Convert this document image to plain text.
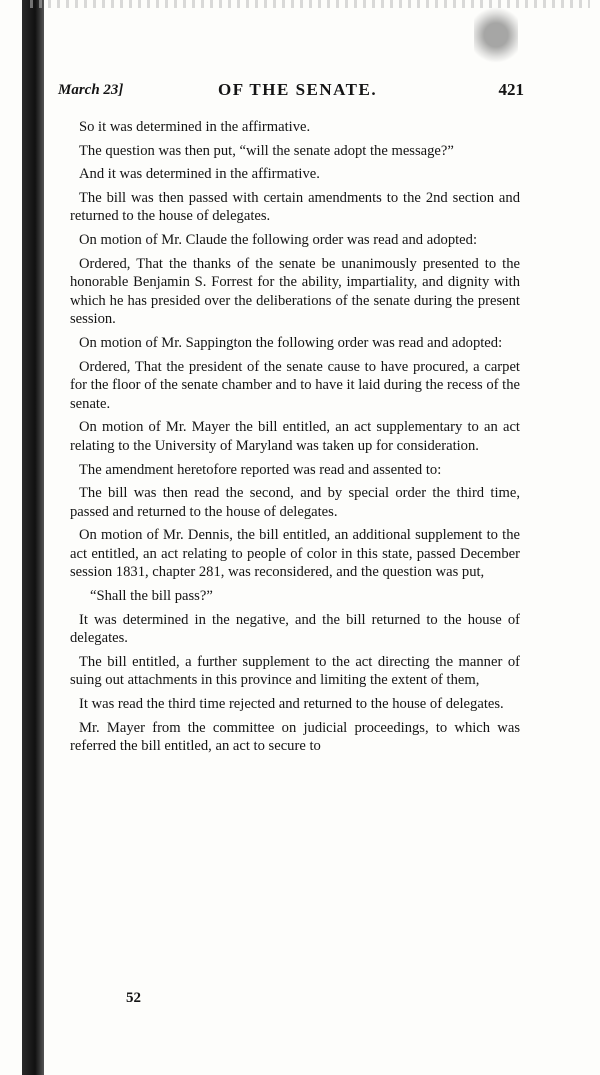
March 23]	OF THE SENATE.	421

So it was determined in the affirmative.

The question was then put, “will the senate adopt the message?”

And it was determined in the affirmative.

The bill was then passed with certain amendments to the 2nd section and returned to the house of delegates.

On motion of Mr. Claude the following order was read and adopted:

Ordered, That the thanks of the senate be unanimously presented to the honorable Benjamin S. Forrest for the ability, impartiality, and dignity with which he has presided over the deliberations of the senate during the present session.

On motion of Mr. Sappington the following order was read and adopted:

Ordered, That the president of the senate cause to have procured, a carpet for the floor of the senate chamber and to have it laid during the recess of the senate.

On motion of Mr. Mayer the bill entitled, an act supplementary to an act relating to the University of Maryland was taken up for consideration.

The amendment heretofore reported was read and assented to:

The bill was then read the second, and by special order the third time, passed and returned to the house of delegates.

On motion of Mr. Dennis, the bill entitled, an additional supplement to the act entitled, an act relating to people of color in this state, passed December session 1831, chapter 281, was reconsidered, and the question was put,

“Shall the bill pass?”

It was determined in the negative, and the bill returned to the house of delegates.

The bill entitled, a further supplement to the act directing the manner of suing out attachments in this province and limiting the extent of them,

It was read the third time rejected and returned to the house of delegates.

Mr. Mayer from the committee on judicial proceedings, to which was referred the bill entitled, an act to secure to

52
